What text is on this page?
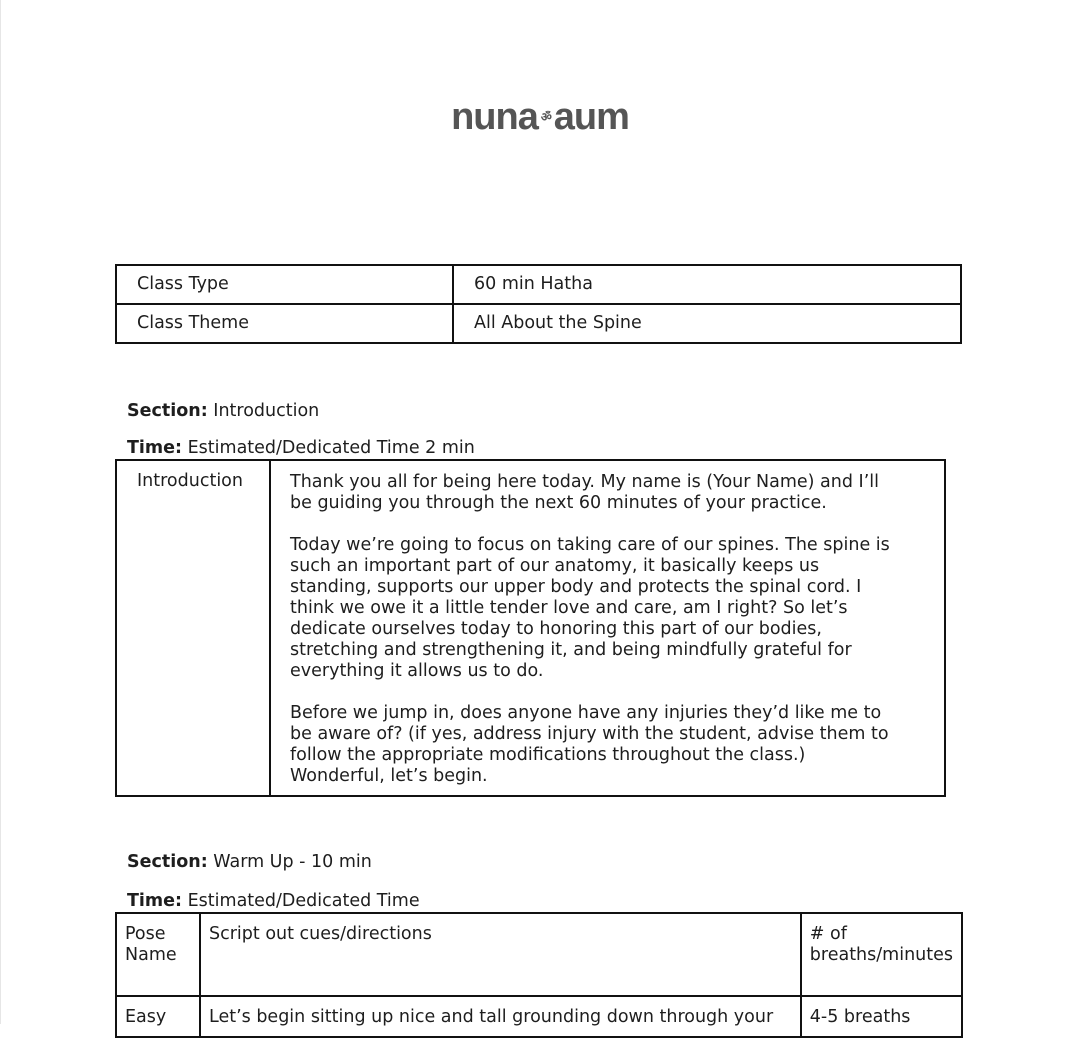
nuna ॐaum
Class Type	60 min Hatha
Class Theme	All About the Spine
Section: Introduction
Time: Estimated/Dedicated Time 2 min
Introduction	Thank you all for being here today. My name is (Your Name) and I’ll be guiding you through the next 60 minutes of your practice.

Today we’re going to focus on taking care of our spines. The spine is such an important part of our anatomy, it basically keeps us standing, supports our upper body and protects the spinal cord. I think we owe it a little tender love and care, am I right? So let’s dedicate ourselves today to honoring this part of our bodies, stretching and strengthening it, and being mindfully grateful for everything it allows us to do.

Before we jump in, does anyone have any injuries they’d like me to be aware of? (if yes, address injury with the student, advise them to follow the appropriate modifications throughout the class.) Wonderful, let’s begin.

Section: Warm Up - 10 min
Time: Estimated/Dedicated Time
Pose Name	Script out cues/directions	# of breaths/minutes
Easy	Let’s begin sitting up nice and tall grounding down through your	4-5 breaths
